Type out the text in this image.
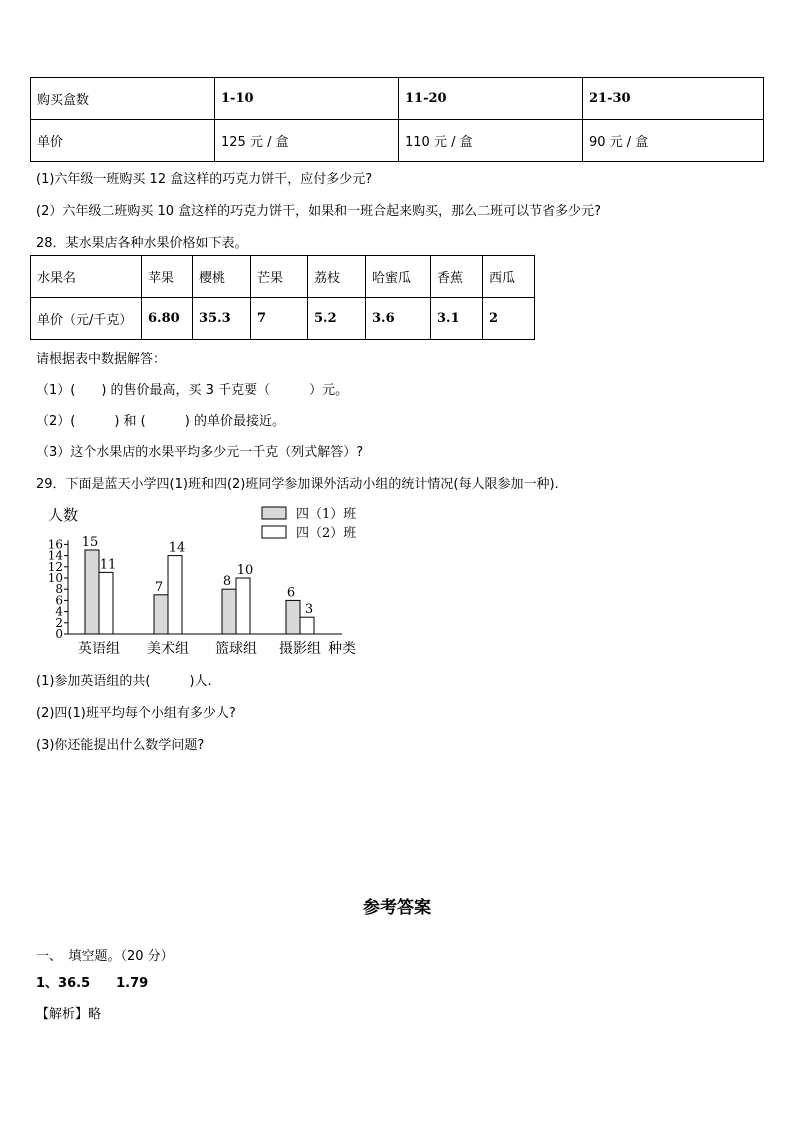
购买盒数	1-10	11-20	21-30
单价	125 元 / 盒	110 元 / 盒	90 元 / 盒
(1)六年级一班购买 12 盒这样的巧克力饼干，应付多少元?
(2）六年级二班购买 10 盒这样的巧克力饼干，如果和一班合起来购买，那么二班可以节省多少元?
28．某水果店各种水果价格如下表。
水果名	苹果	樱桃	芒果	荔枝	哈蜜瓜	香蕉	西瓜
单价（元/千克）	6.80	35.3	7	5.2	3.6	3.1	2
请根据表中数据解答：
（1）(　　) 的售价最高，买 3 千克要（　　　）元。
（2）(　　　) 和 (　　　) 的单价最接近。
（3）这个水果店的水果平均多少元一千克（列式解答）?
29．下面是蓝天小学四(1)班和四(2)班同学参加课外活动小组的统计情况(每人限参加一种).
人数
0
2
4
6
8
10
12
14
16 15
11
7
14
8
10
6
3
英语组 美术组 篮球组 摄影组 种类
四（1）班
四（2）班
(1)参加英语组的共(　　　)人.
(2)四(1)班平均每个小组有多少人?
(3)你还能提出什么数学问题?
参考答案
一、　填空题。（20 分）
1、36.5　　1.79
【解析】略
